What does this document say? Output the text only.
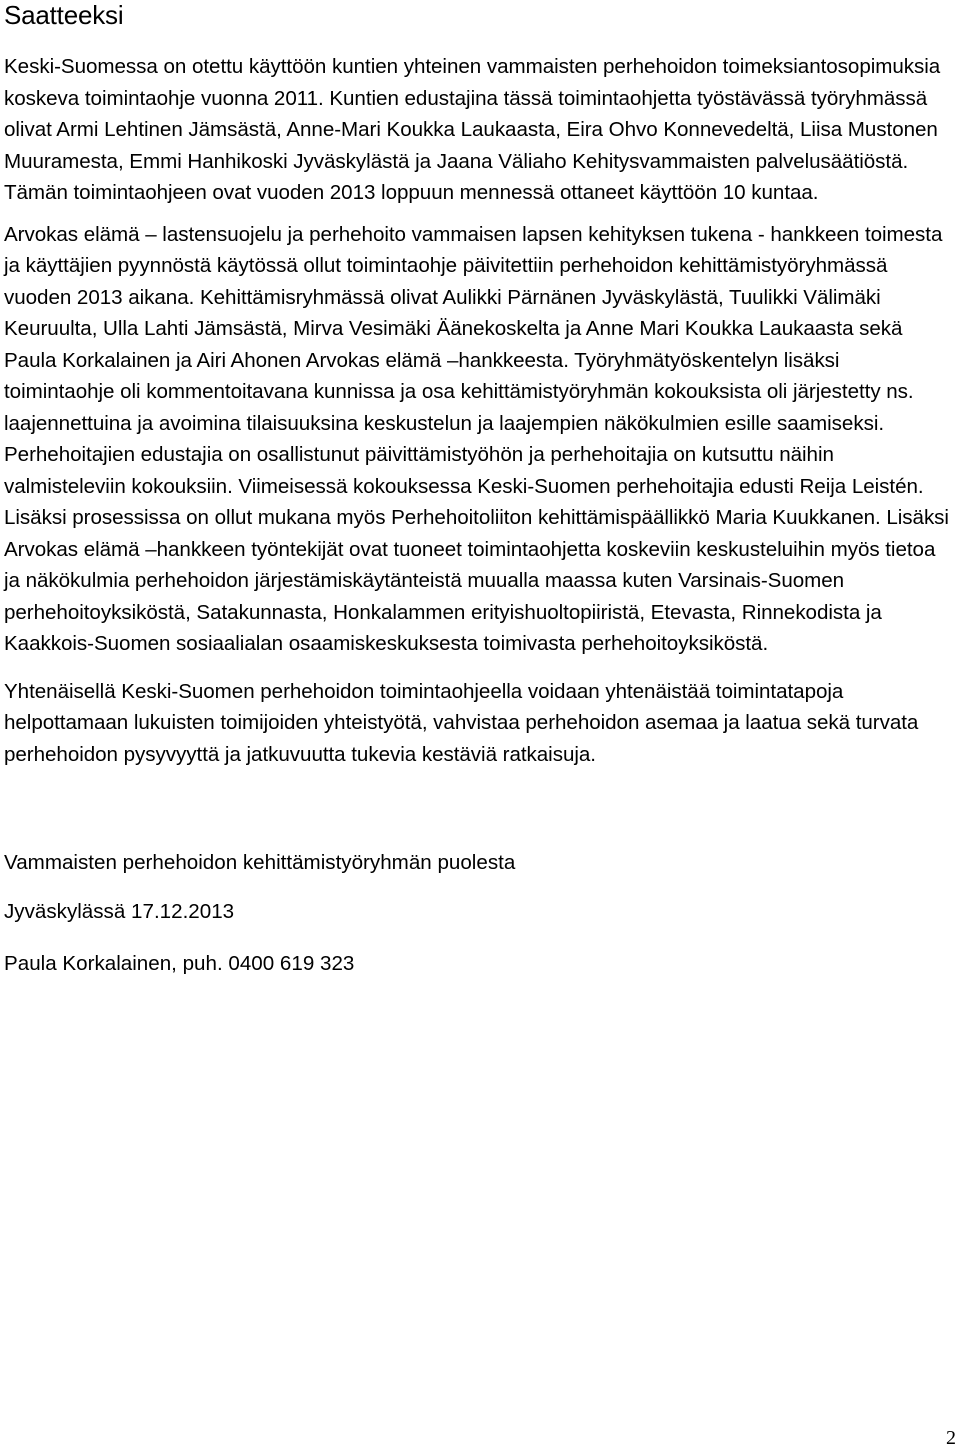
Saatteeksi

Keski-Suomessa on otettu käyttöön kuntien yhteinen vammaisten perhehoidon toimeksiantosopimuksia koskeva toimintaohje vuonna 2011. Kuntien edustajina tässä toimintaohjetta työstävässä työryhmässä olivat Armi Lehtinen Jämsästä, Anne-Mari Koukka Laukaasta, Eira Ohvo Konnevedeltä, Liisa Mustonen Muuramesta, Emmi Hanhikoski Jyväskylästä ja Jaana Väliaho Kehitysvammaisten palvelusäätiöstä. Tämän toimintaohjeen ovat vuoden 2013 loppuun mennessä ottaneet käyttöön 10 kuntaa.

Arvokas elämä – lastensuojelu ja perhehoito vammaisen lapsen kehityksen tukena - hankkeen toimesta ja käyttäjien pyynnöstä käytössä ollut toimintaohje päivitettiin perhehoidon kehittämistyöryhmässä vuoden 2013 aikana. Kehittämisryhmässä olivat Aulikki Pärnänen Jyväskylästä, Tuulikki Välimäki Keuruulta, Ulla Lahti Jämsästä, Mirva Vesimäki Äänekoskelta ja Anne Mari Koukka Laukaasta sekä Paula Korkalainen ja Airi Ahonen Arvokas elämä –hankkeesta. Työryhmätyöskentelyn lisäksi toimintaohje oli kommentoitavana kunnissa ja osa kehittämistyöryhmän kokouksista oli järjestetty ns. laajennettuina ja avoimina tilaisuuksina keskustelun ja laajempien näkökulmien esille saamiseksi. Perhehoitajien edustajia on osallistunut päivittämistyöhön ja perhehoitajia on kutsuttu näihin valmisteleviin kokouksiin. Viimeisessä kokouksessa Keski-Suomen perhehoitajia edusti Reija Leistén. Lisäksi prosessissa on ollut mukana myös Perhehoitoliiton kehittämispäällikkö Maria Kuukkanen. Lisäksi Arvokas elämä –hankkeen työntekijät ovat tuoneet toimintaohjetta koskeviin keskusteluihin myös tietoa ja näkökulmia perhehoidon järjestämiskäytänteistä muualla maassa kuten Varsinais-Suomen perhehoitoyksiköstä, Satakunnasta, Honkalammen erityishuoltopiiristä, Etevasta, Rinnekodista ja Kaakkois-Suomen sosiaalialan osaamiskeskuksesta toimivasta perhehoitoyksiköstä.

Yhtenäisellä Keski-Suomen perhehoidon toimintaohjeella voidaan yhtenäistää toimintatapoja helpottamaan lukuisten toimijoiden yhteistyötä, vahvistaa perhehoidon asemaa ja laatua sekä turvata perhehoidon pysyvyyttä ja jatkuvuutta tukevia kestäviä ratkaisuja.

Vammaisten perhehoidon kehittämistyöryhmän puolesta

Jyväskylässä 17.12.2013

Paula Korkalainen, puh. 0400 619 323

2
